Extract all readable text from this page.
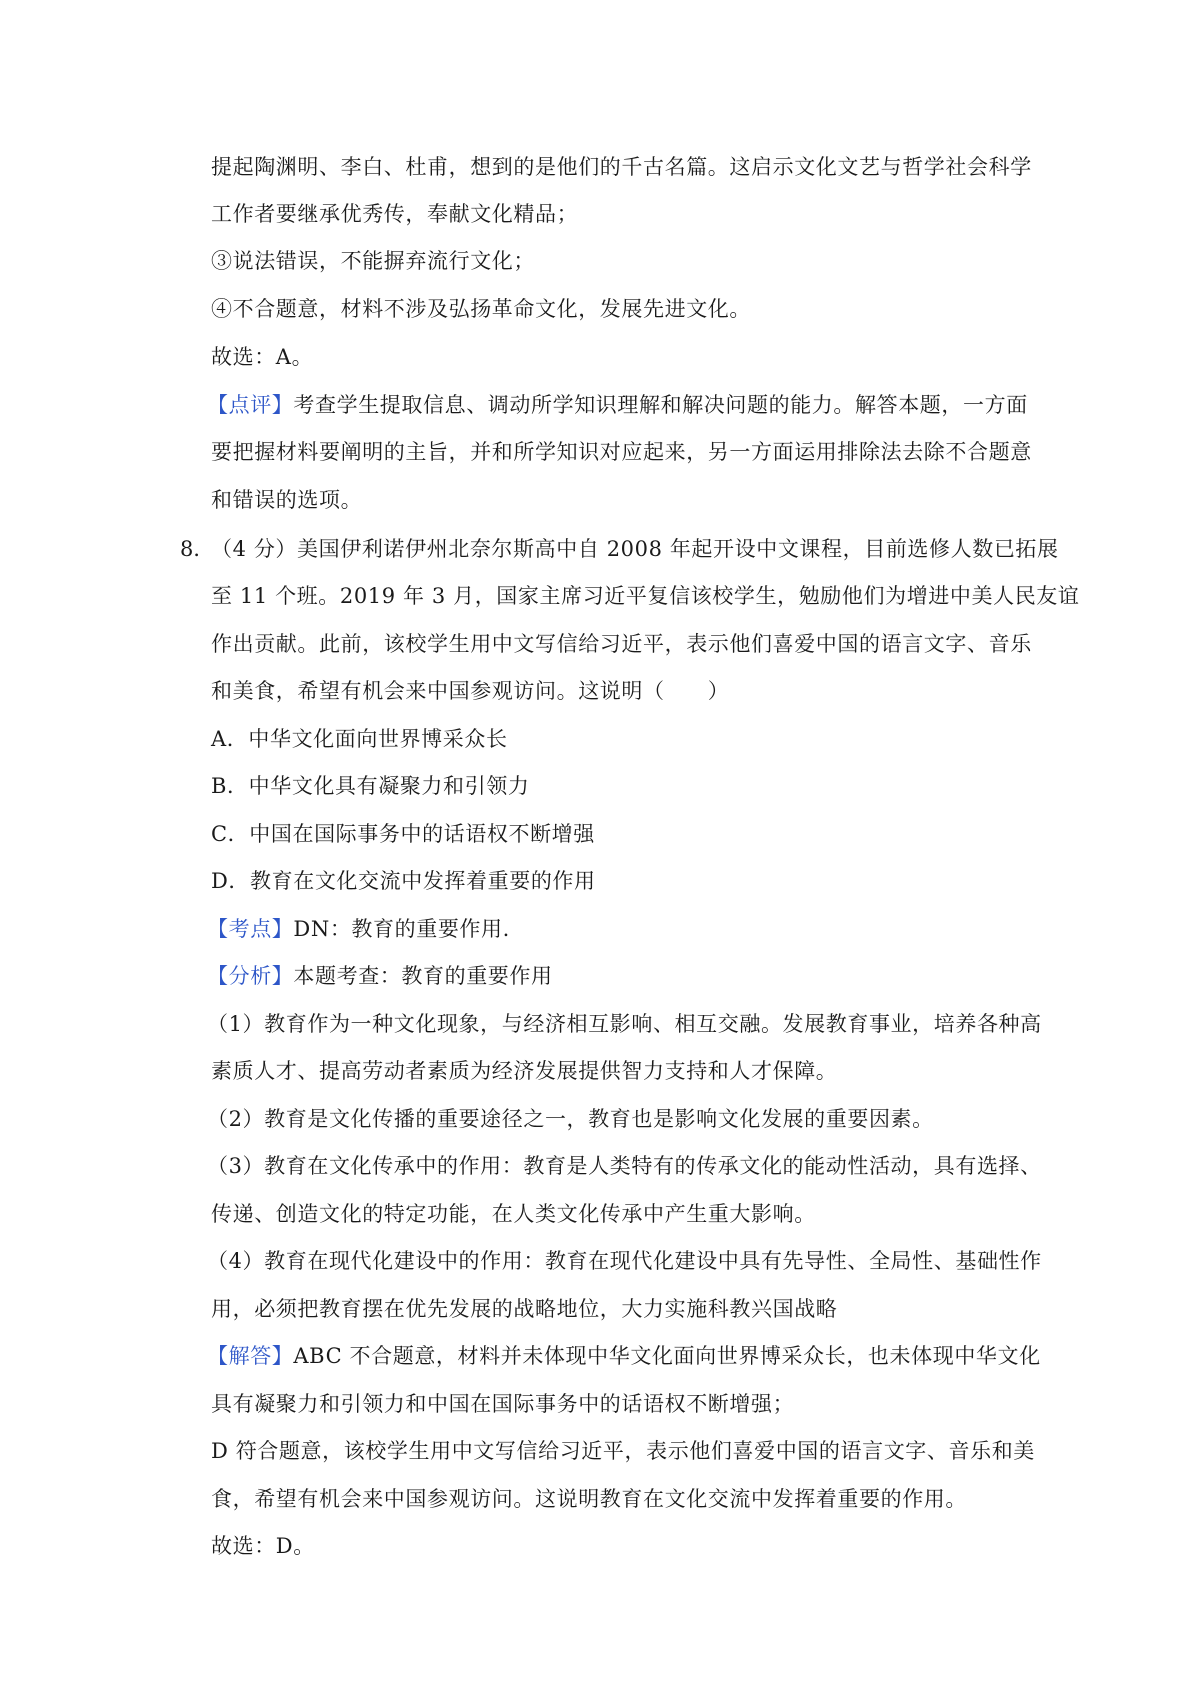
提起陶渊明、李白、杜甫，想到的是他们的千古名篇。这启示文化文艺与哲学社会科学
工作者要继承优秀传，奉献文化精品；
③说法错误，不能摒弃流行文化；
④不合题意，材料不涉及弘扬革命文化，发展先进文化。
故选：A。
【点评】考查学生提取信息、调动所学知识理解和解决问题的能力。解答本题，一方面
要把握材料要阐明的主旨，并和所学知识对应起来，另一方面运用排除法去除不合题意
和错误的选项。
8．
（4 分）美国伊利诺伊州北奈尔斯高中自 2008 年起开设中文课程，目前选修人数已拓展
至 11 个班。2019 年 3 月，国家主席习近平复信该校学生，勉励他们为增进中美人民友谊
作出贡献。此前，该校学生用中文写信给习近平，表示他们喜爱中国的语言文字、音乐
和美食，希望有机会来中国参观访问。这说明（　　）
A．中华文化面向世界博采众长
B．中华文化具有凝聚力和引领力
C．中国在国际事务中的话语权不断增强
D．教育在文化交流中发挥着重要的作用
【考点】DN：教育的重要作用.
【分析】本题考查：教育的重要作用
（1）教育作为一种文化现象，与经济相互影响、相互交融。发展教育事业，培养各种高
素质人才、提高劳动者素质为经济发展提供智力支持和人才保障。
（2）教育是文化传播的重要途径之一，教育也是影响文化发展的重要因素。
（3）教育在文化传承中的作用：教育是人类特有的传承文化的能动性活动，具有选择、
传递、创造文化的特定功能，在人类文化传承中产生重大影响。
（4）教育在现代化建设中的作用：教育在现代化建设中具有先导性、全局性、基础性作
用，必须把教育摆在优先发展的战略地位，大力实施科教兴国战略
【解答】ABC 不合题意，材料并未体现中华文化面向世界博采众长，也未体现中华文化
具有凝聚力和引领力和中国在国际事务中的话语权不断增强；
D 符合题意，该校学生用中文写信给习近平，表示他们喜爱中国的语言文字、音乐和美
食，希望有机会来中国参观访问。这说明教育在文化交流中发挥着重要的作用。
故选：D。
